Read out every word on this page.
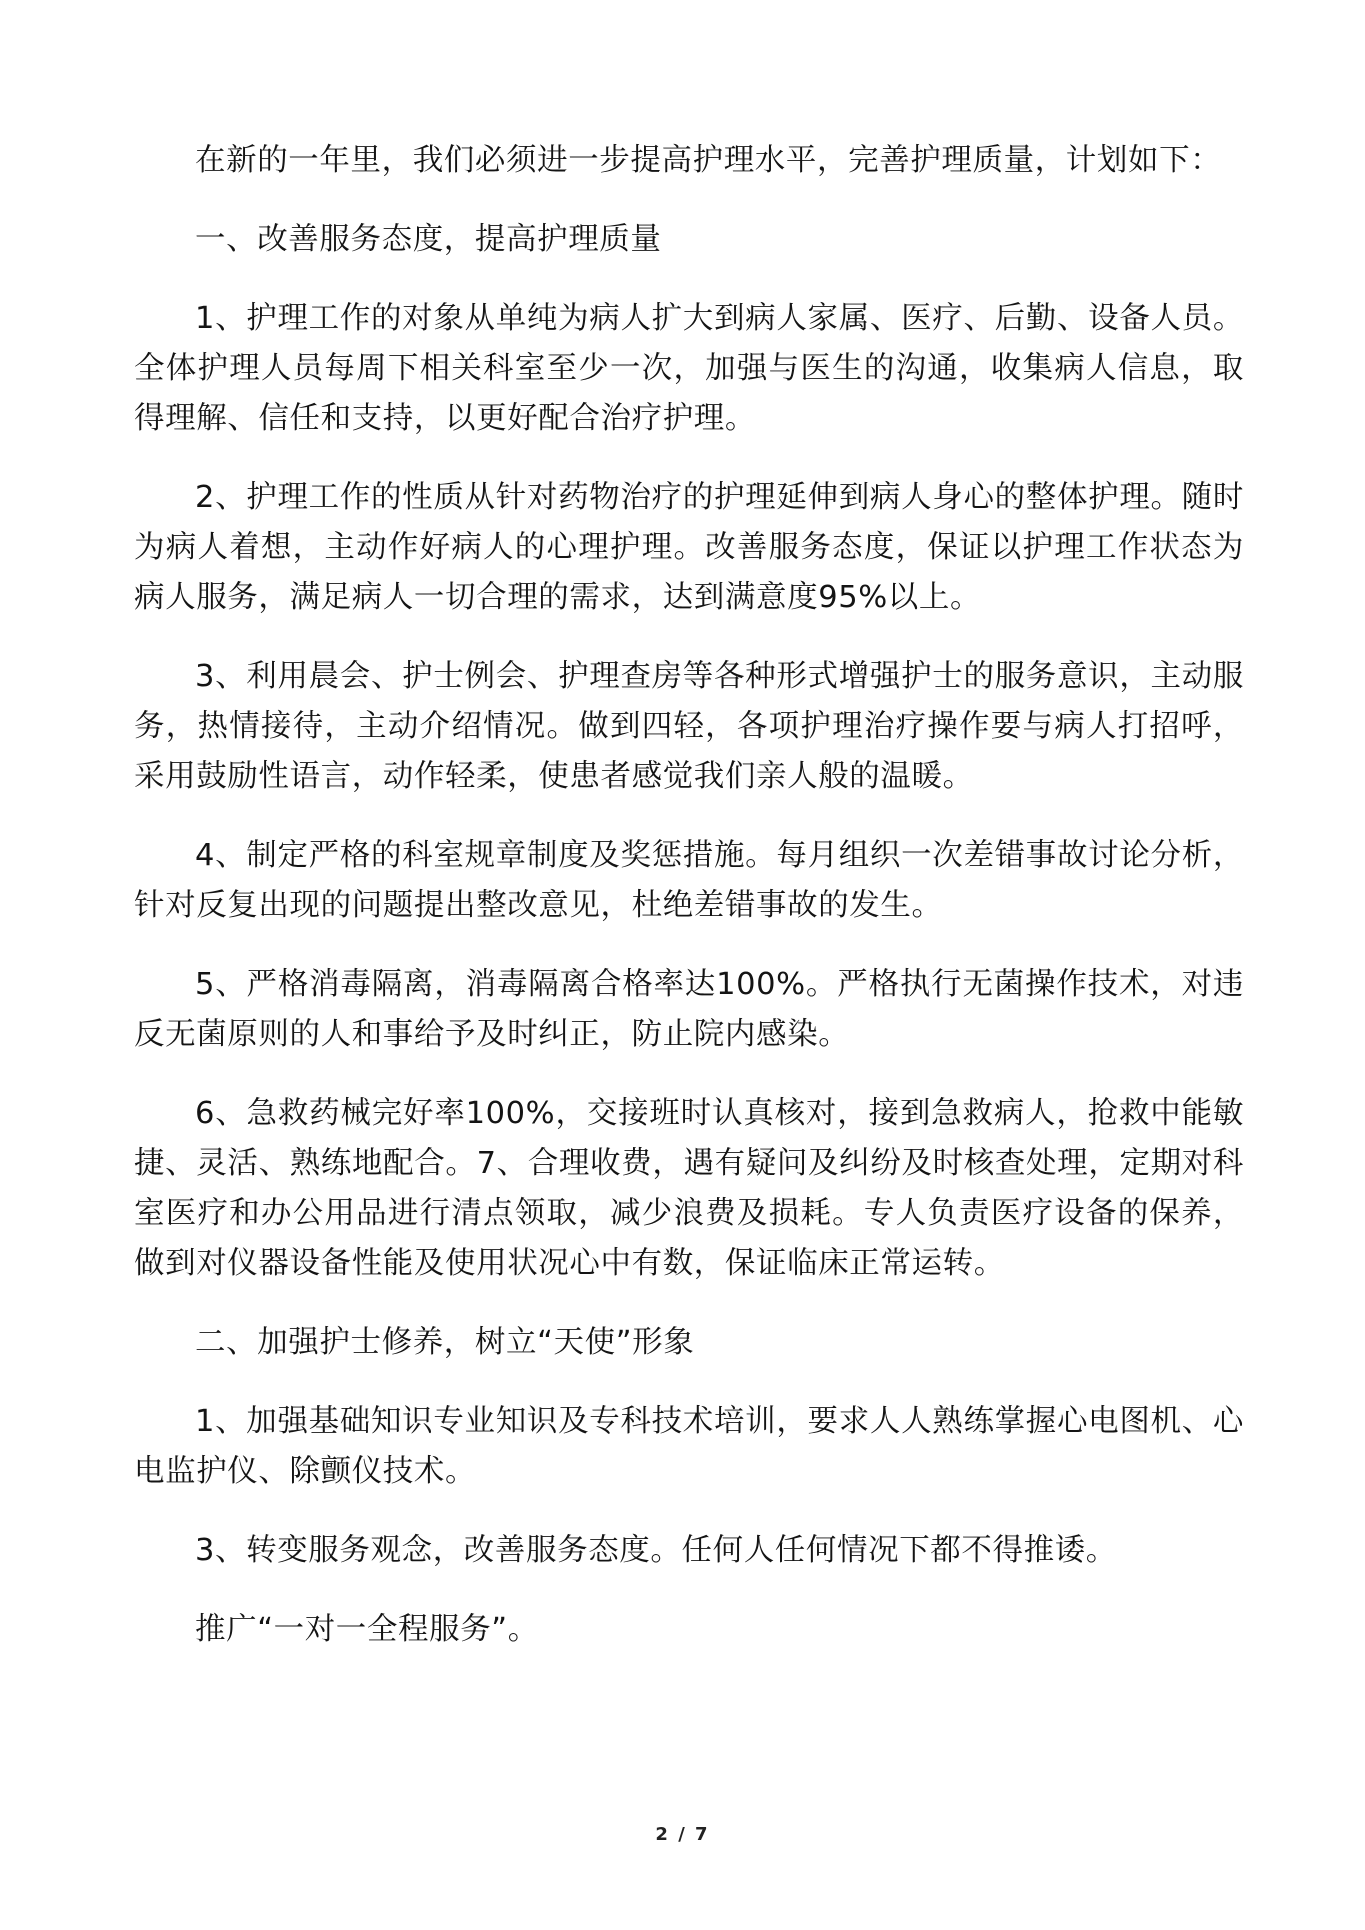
在新的一年里，我们必须进一步提高护理水平，完善护理质量，计划如下：

一、改善服务态度，提高护理质量

1、护理工作的对象从单纯为病人扩大到病人家属、医疗、后勤、设备人员。全体护理人员每周下相关科室至少一次，加强与医生的沟通，收集病人信息，取得理解、信任和支持，以更好配合治疗护理。

2、护理工作的性质从针对药物治疗的护理延伸到病人身心的整体护理。随时为病人着想，主动作好病人的心理护理。改善服务态度，保证以护理工作状态为病人服务，满足病人一切合理的需求，达到满意度95%以上。

3、利用晨会、护士例会、护理查房等各种形式增强护士的服务意识，主动服务，热情接待，主动介绍情况。做到四轻，各项护理治疗操作要与病人打招呼，采用鼓励性语言，动作轻柔，使患者感觉我们亲人般的温暖。

4、制定严格的科室规章制度及奖惩措施。每月组织一次差错事故讨论分析，针对反复出现的问题提出整改意见，杜绝差错事故的发生。

5、严格消毒隔离，消毒隔离合格率达100%。严格执行无菌操作技术，对违反无菌原则的人和事给予及时纠正，防止院内感染。

6、急救药械完好率100%，交接班时认真核对，接到急救病人，抢救中能敏捷、灵活、熟练地配合。7、合理收费，遇有疑问及纠纷及时核查处理，定期对科室医疗和办公用品进行清点领取，减少浪费及损耗。专人负责医疗设备的保养，做到对仪器设备性能及使用状况心中有数，保证临床正常运转。

二、加强护士修养，树立“天使”形象

1、加强基础知识专业知识及专科技术培训，要求人人熟练掌握心电图机、心电监护仪、除颤仪技术。

3、转变服务观念，改善服务态度。任何人任何情况下都不得推诿。

推广“一对一全程服务”。

2 / 7
